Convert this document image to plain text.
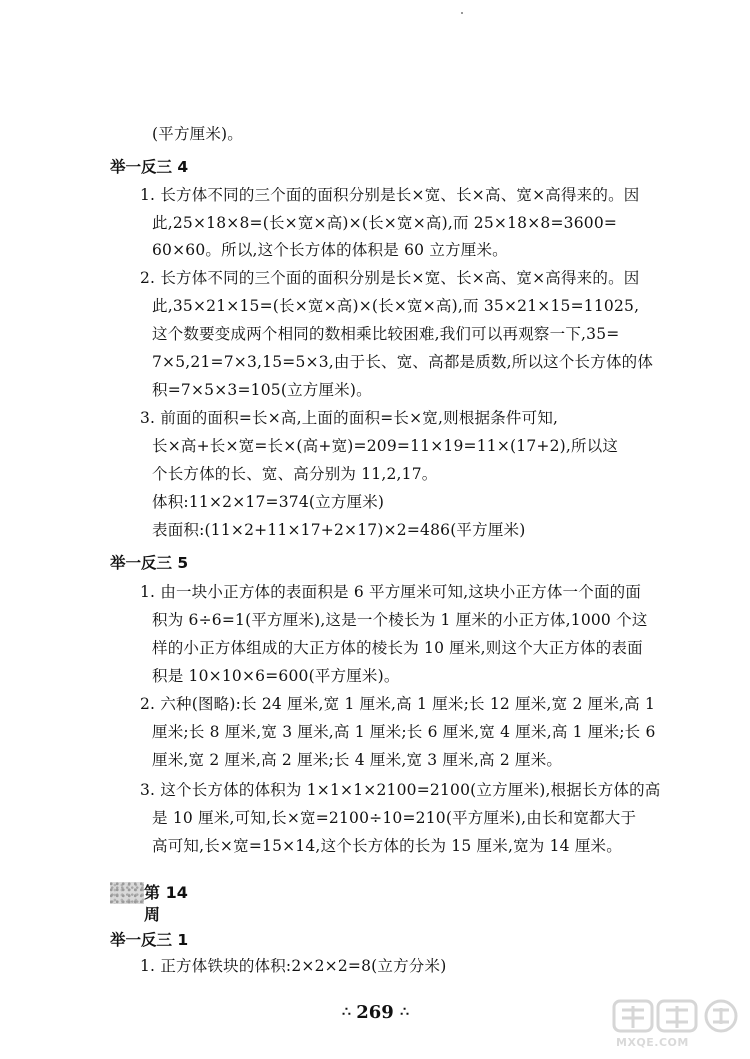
(平方厘米)。
举一反三 4
1. 长方体不同的三个面的面积分别是长×宽、长×高、宽×高得来的。因
此,25×18×8=(长×宽×高)×(长×宽×高),而 25×18×8=3600=
60×60。所以,这个长方体的体积是 60 立方厘米。
2. 长方体不同的三个面的面积分别是长×宽、长×高、宽×高得来的。因
此,35×21×15=(长×宽×高)×(长×宽×高),而 35×21×15=11025,
这个数要变成两个相同的数相乘比较困难,我们可以再观察一下,35=
7×5,21=7×3,15=5×3,由于长、宽、高都是质数,所以这个长方体的体
积=7×5×3=105(立方厘米)。
3. 前面的面积=长×高,上面的面积=长×宽,则根据条件可知,
长×高+长×宽=长×(高+宽)=209=11×19=11×(17+2),所以这
个长方体的长、宽、高分别为 11,2,17。
体积:11×2×17=374(立方厘米)
表面积:(11×2+11×17+2×17)×2=486(平方厘米)
举一反三 5
1. 由一块小正方体的表面积是 6 平方厘米可知,这块小正方体一个面的面
积为 6÷6=1(平方厘米),这是一个棱长为 1 厘米的小正方体,1000 个这
样的小正方体组成的大正方体的棱长为 10 厘米,则这个大正方体的表面
积是 10×10×6=600(平方厘米)。
2. 六种(图略):长 24 厘米,宽 1 厘米,高 1 厘米;长 12 厘米,宽 2 厘米,高 1
厘米;长 8 厘米,宽 3 厘米,高 1 厘米;长 6 厘米,宽 4 厘米,高 1 厘米;长 6
厘米,宽 2 厘米,高 2 厘米;长 4 厘米,宽 3 厘米,高 2 厘米。
3. 这个长方体的体积为 1×1×1×2100=2100(立方厘米),根据长方体的高
是 10 厘米,可知,长×宽=2100÷10=210(平方厘米),由长和宽都大于
高可知,长×宽=15×14,这个长方体的长为 15 厘米,宽为 14 厘米。
第 14 周
举一反三 1
1. 正方体铁块的体积:2×2×2=8(立方分米)
∴ 269 ∴
MXQE.COM
